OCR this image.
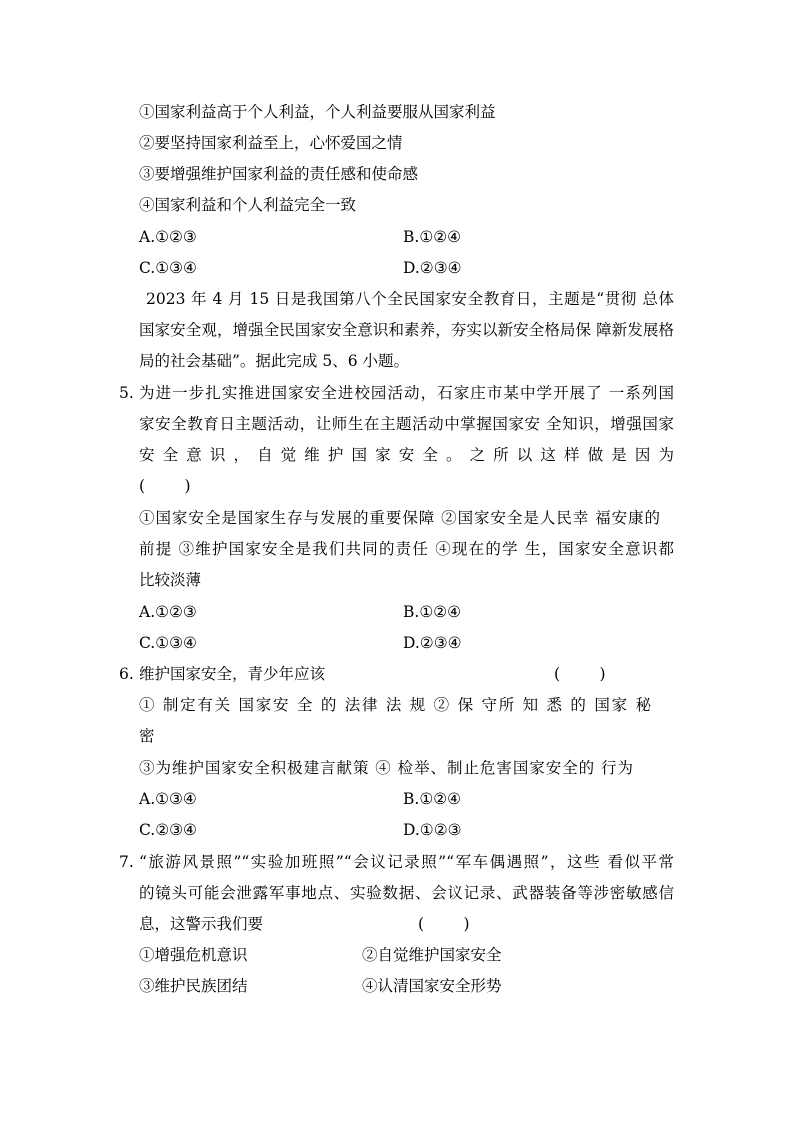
①国家利益高于个人利益，个人利益要服从国家利益
②要坚持国家利益至上，心怀爱国之情
③要增强维护国家利益的责任感和使命感
④国家利益和个人利益完全一致
A.①②③	B.①②④
C.①③④	D.②③④
2023 年 4 月 15 日是我国第八个全民国家安全教育日，主题是“贯彻 总体
国家安全观，增强全民国家安全意识和素养，夯实以新安全格局保 障新发展格
局的社会基础”。据此完成 5、6 小题。
5. 为进一步扎实推进国家安全进校园活动，石家庄市某中学开展了 一系列国
家安全教育日主题活动，让师生在主题活动中掌握国家安 全知识，增强国家
安 全 意 识 ， 自 觉 维 护 国 家 安 全 。 之 所 以 这 样 做 是 因 为
(        )
①国家安全是国家生存与发展的重要保障 ②国家安全是人民幸 福安康的
前提 ③维护国家安全是我们共同的责任 ④现在的学 生，国家安全意识都
比较淡薄
A.①②③	B.①②④
C.①③④	D.②③④
6. 维护国家安全，青少年应该	(        )
① 制定有关 国家安 全 的 法律 法 规 ② 保 守所 知 悉 的 国家 秘
密
③为维护国家安全积极建言献策 ④ 检举、制止危害国家安全的 行为
A.①③④	B.①②④
C.②③④	D.①②③
7. “旅游风景照”“实验加班照”“会议记录照”“军车偶遇照”，这些 看似平常
的镜头可能会泄露军事地点、实验数据、会议记录、武器装备等涉密敏感信
息，这警示我们要	(        )
①增强危机意识	②自觉维护国家安全
③维护民族团结	④认清国家安全形势
